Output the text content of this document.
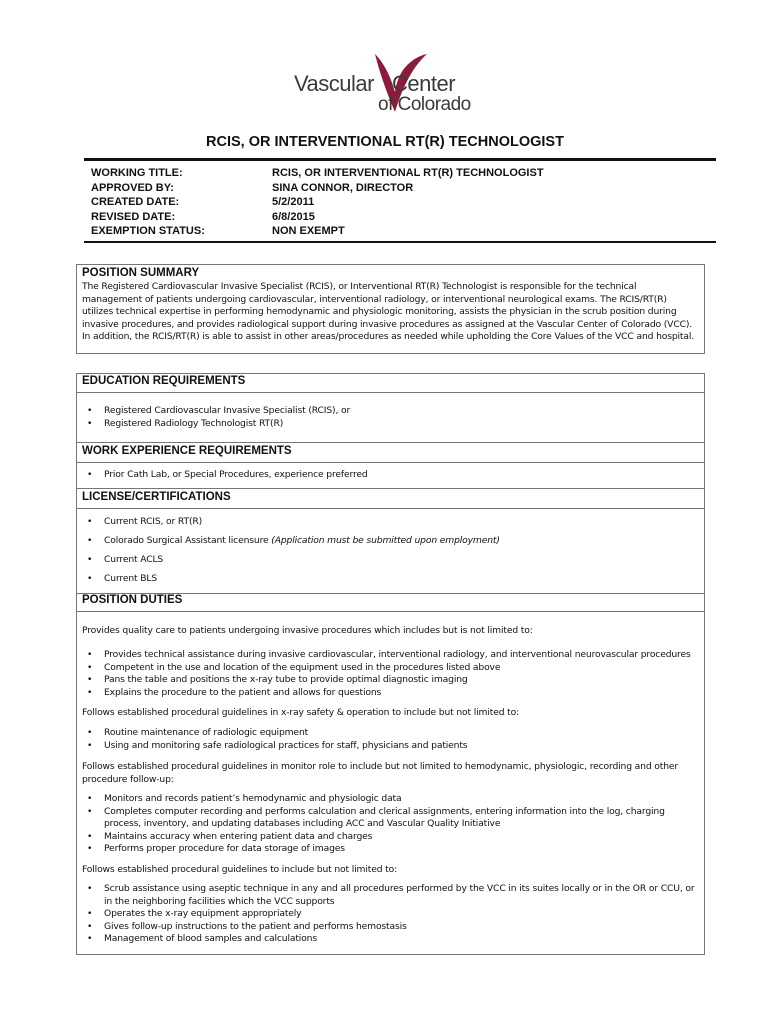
Vascular Center
of Colorado
RCIS, OR INTERVENTIONAL RT(R) TECHNOLOGIST
WORKING TITLE:
APPROVED BY:
CREATED DATE:
REVISED DATE:
EXEMPTION STATUS:
RCIS, OR INTERVENTIONAL RT(R) TECHNOLOGIST
SINA CONNOR, DIRECTOR
5/2/2011
6/8/2015
NON EXEMPT
POSITION SUMMARY
The Registered Cardiovascular Invasive Specialist (RCIS), or Interventional RT(R) Technologist is responsible for the technical management of patients undergoing cardiovascular, interventional radiology, or interventional neurological exams. The RCIS/RT(R) utilizes technical expertise in performing hemodynamic and physiologic monitoring, assists the physician in the scrub position during invasive procedures, and provides radiological support during invasive procedures as assigned at the Vascular Center of Colorado (VCC). In addition, the RCIS/RT(R) is able to assist in other areas/procedures as needed while upholding the Core Values of the VCC and hospital.
EDUCATION REQUIREMENTS
• Registered Cardiovascular Invasive Specialist (RCIS), or
• Registered Radiology Technologist RT(R)
WORK EXPERIENCE REQUIREMENTS
• Prior Cath Lab, or Special Procedures, experience preferred
LICENSE/CERTIFICATIONS
• Current RCIS, or RT(R)
• Colorado Surgical Assistant licensure (Application must be submitted upon employment)
• Current ACLS
• Current BLS
POSITION DUTIES
Provides quality care to patients undergoing invasive procedures which includes but is not limited to:
• Provides technical assistance during invasive cardiovascular, interventional radiology, and interventional neurovascular procedures
• Competent in the use and location of the equipment used in the procedures listed above
• Pans the table and positions the x-ray tube to provide optimal diagnostic imaging
• Explains the procedure to the patient and allows for questions
Follows established procedural guidelines in x-ray safety & operation to include but not limited to:
• Routine maintenance of radiologic equipment
• Using and monitoring safe radiological practices for staff, physicians and patients
Follows established procedural guidelines in monitor role to include but not limited to hemodynamic, physiologic, recording and other procedure follow-up:
• Monitors and records patient’s hemodynamic and physiologic data
• Completes computer recording and performs calculation and clerical assignments, entering information into the log, charging process, inventory, and updating databases including ACC and Vascular Quality Initiative
• Maintains accuracy when entering patient data and charges
• Performs proper procedure for data storage of images
Follows established procedural guidelines to include but not limited to:
• Scrub assistance using aseptic technique in any and all procedures performed by the VCC in its suites locally or in the OR or CCU, or in the neighboring facilities which the VCC supports
• Operates the x-ray equipment appropriately
• Gives follow-up instructions to the patient and performs hemostasis
• Management of blood samples and calculations
